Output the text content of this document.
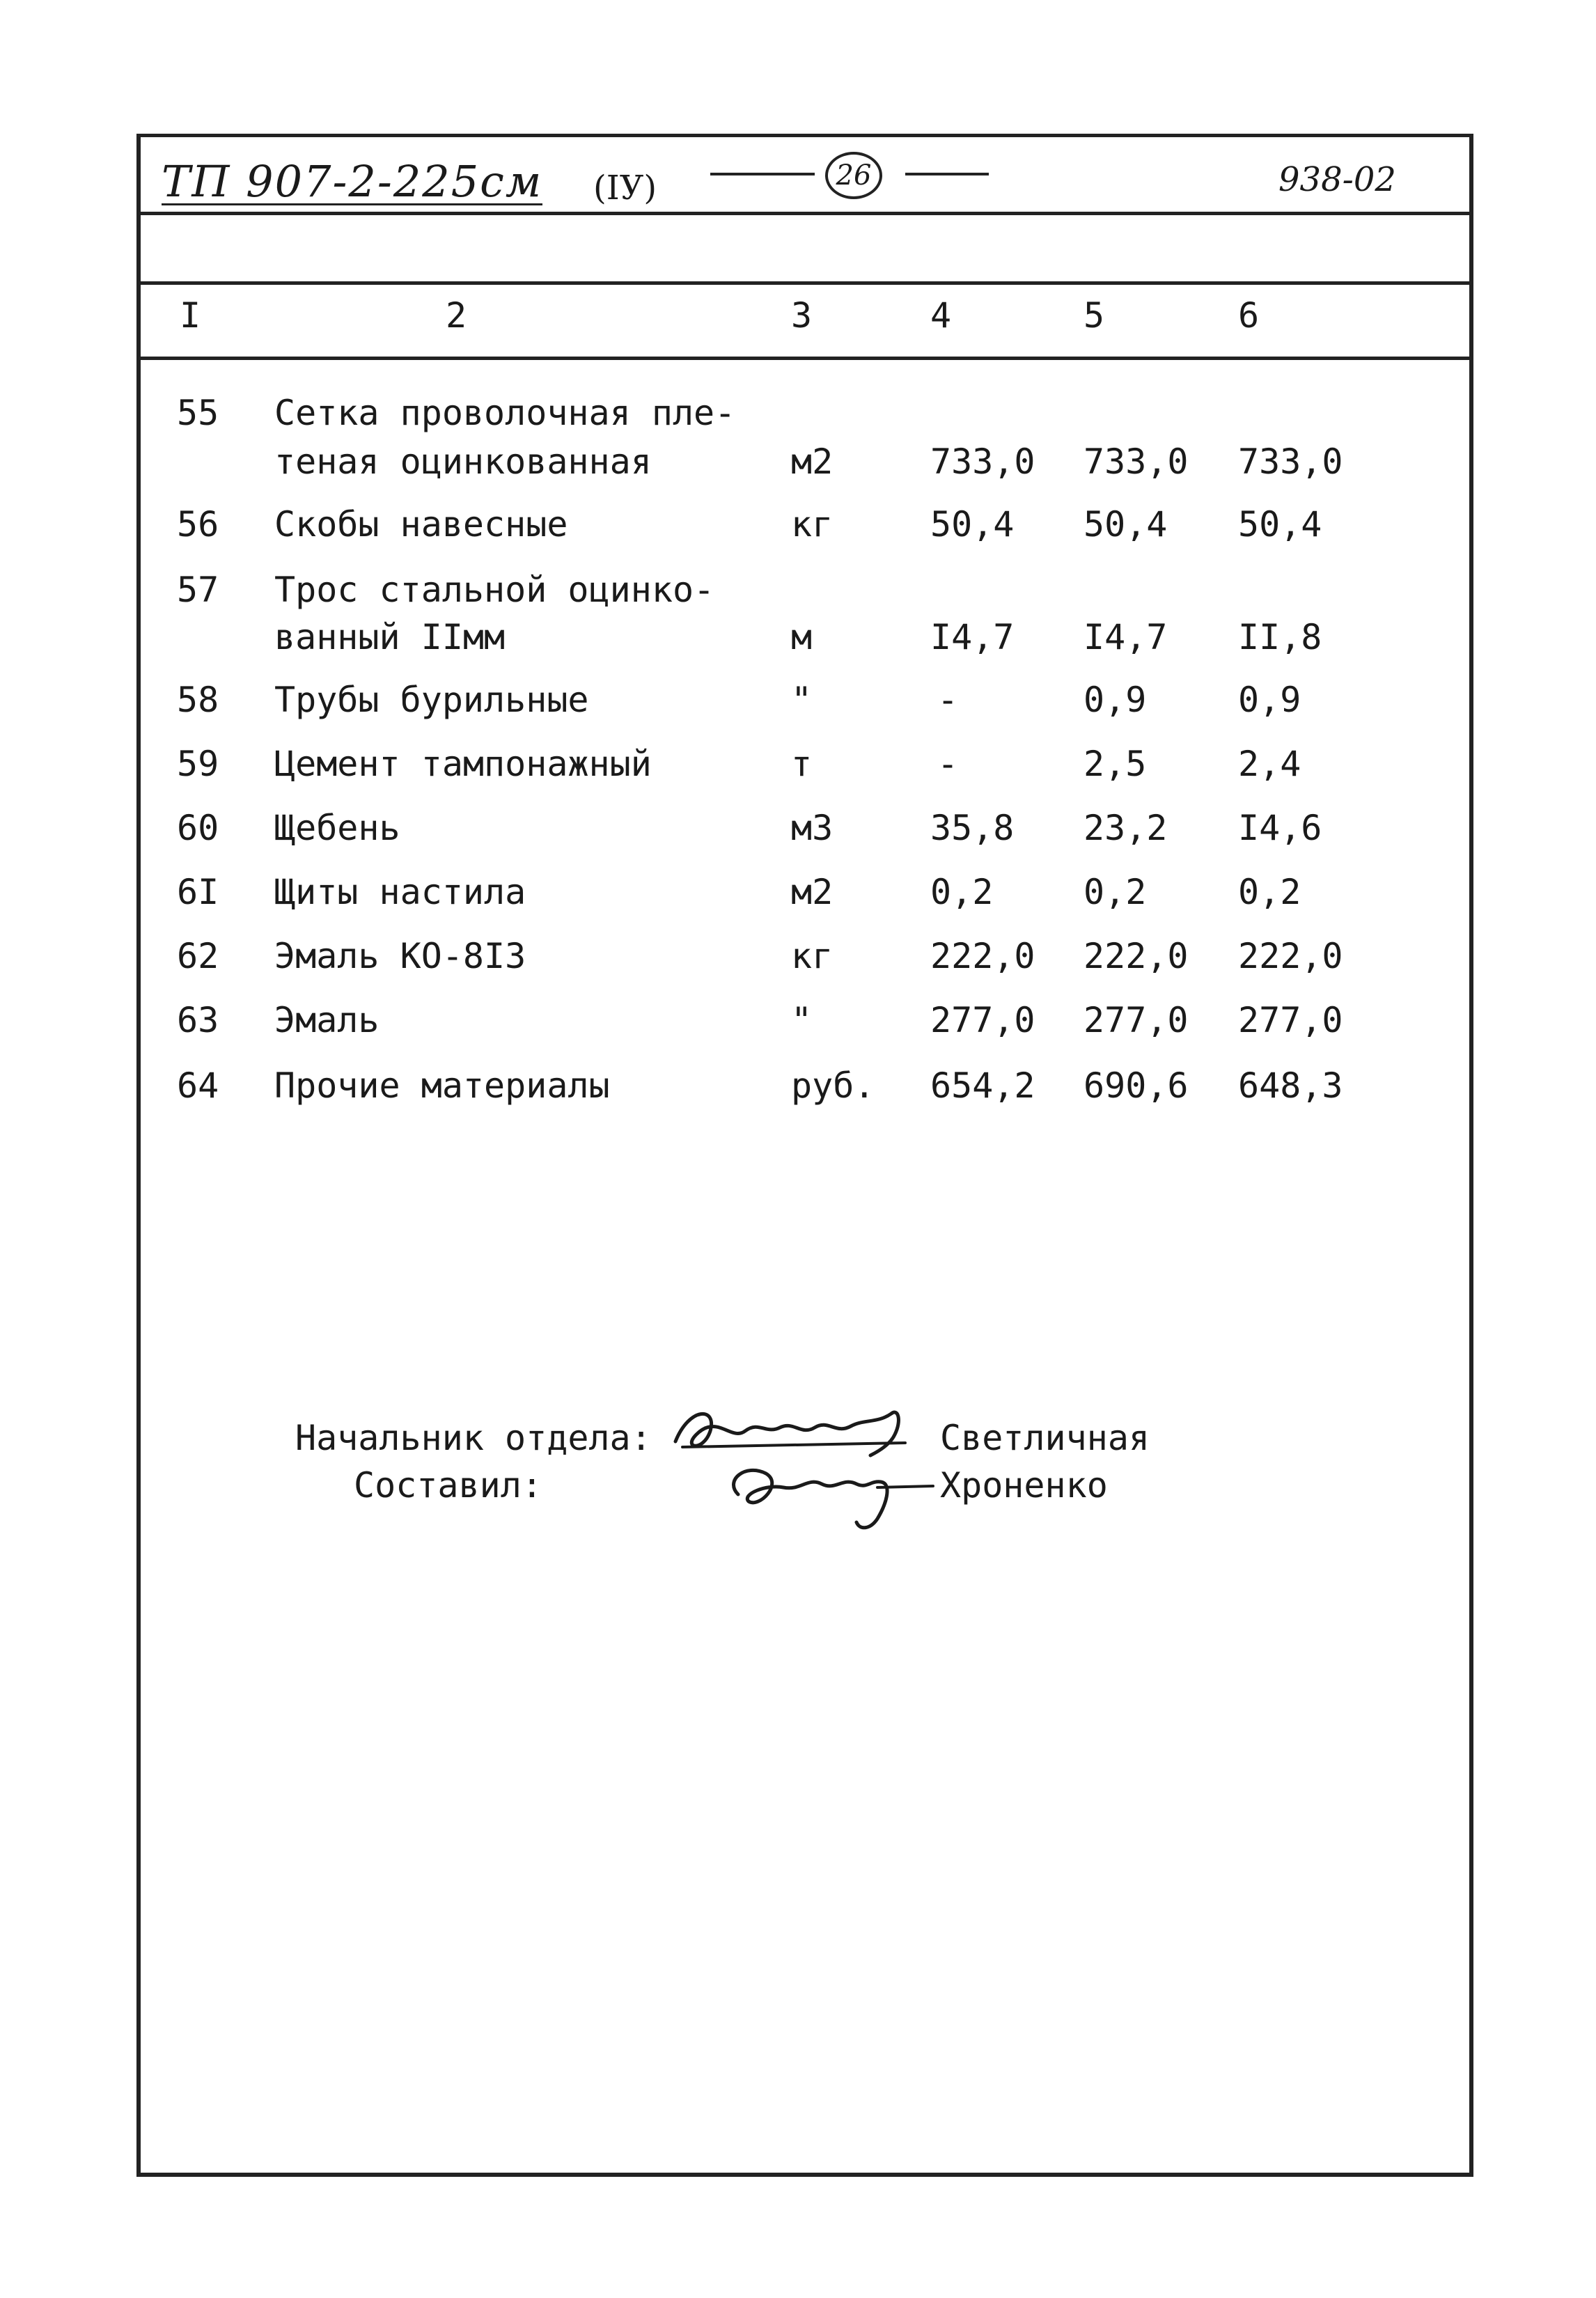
ТП 907-2-225см (IУ)	26	938-02
I	2	3	4	5	6
55 Сетка проволочная пле-
теная оцинкованная	м2	733,0 733,0 733,0
56 Скобы навесные	кг	50,4 50,4 50,4
57 Трос стальной оцинко-
ванный IIмм	м	I4,7 I4,7 II,8
58 Трубы бурильные	"	-	0,9	0,9
59 Цемент тампонажный	т	-	2,5	2,4
60 Щебень	м3	35,8 23,2 I4,6
6I Щиты настила	м2	0,2	0,2	0,2
62 Эмаль КО-8I3	кг	222,0 222,0 222,0
63 Эмаль	"	277,0 277,0 277,0
64 Прочие материалы	руб. 654,2 690,6 648,3
Начальник отдела:	Светличная
Составил:	Хроненко
